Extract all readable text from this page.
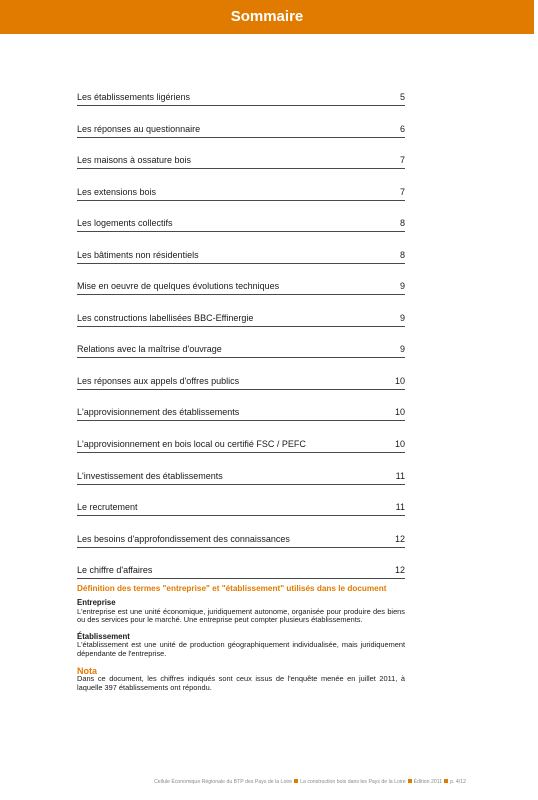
Sommaire
Les établissements ligériens	5
Les réponses au questionnaire	6
Les maisons à ossature bois	7
Les extensions bois	7
Les logements collectifs	8
Les bâtiments non résidentiels	8
Mise en oeuvre de quelques évolutions techniques	9
Les constructions labellisées BBC-Effinergie	9
Relations avec la maîtrise d'ouvrage	9
Les réponses aux appels d'offres publics	10
L'approvisionnement des établissements	10
L'approvisionnement en bois local ou certifié FSC / PEFC	10
L'investissement des établissements	11
Le recrutement	11
Les besoins d'approfondissement des connaissances	12
Le chiffre d'affaires	12
Définition des termes "entreprise" et "établissement" utilisés dans le document
Entreprise
L'entreprise est une unité économique, juridiquement autonome, organisée pour produire des biens ou des services pour le marché. Une entreprise peut compter plusieurs établissements.
Établissement
L'établissement est une unité de production géographiquement individualisée, mais juridiquement dépendante de l'entreprise.
Nota
Dans ce document, les chiffres indiqués sont ceux issus de l'enquête menée en juillet 2011, à laquelle 397 établissements ont répondu.
Cellule Économique Régionale du BTP des Pays de la Loire La construction bois dans les Pays de la Loire Édition 2011 p. 4/12
